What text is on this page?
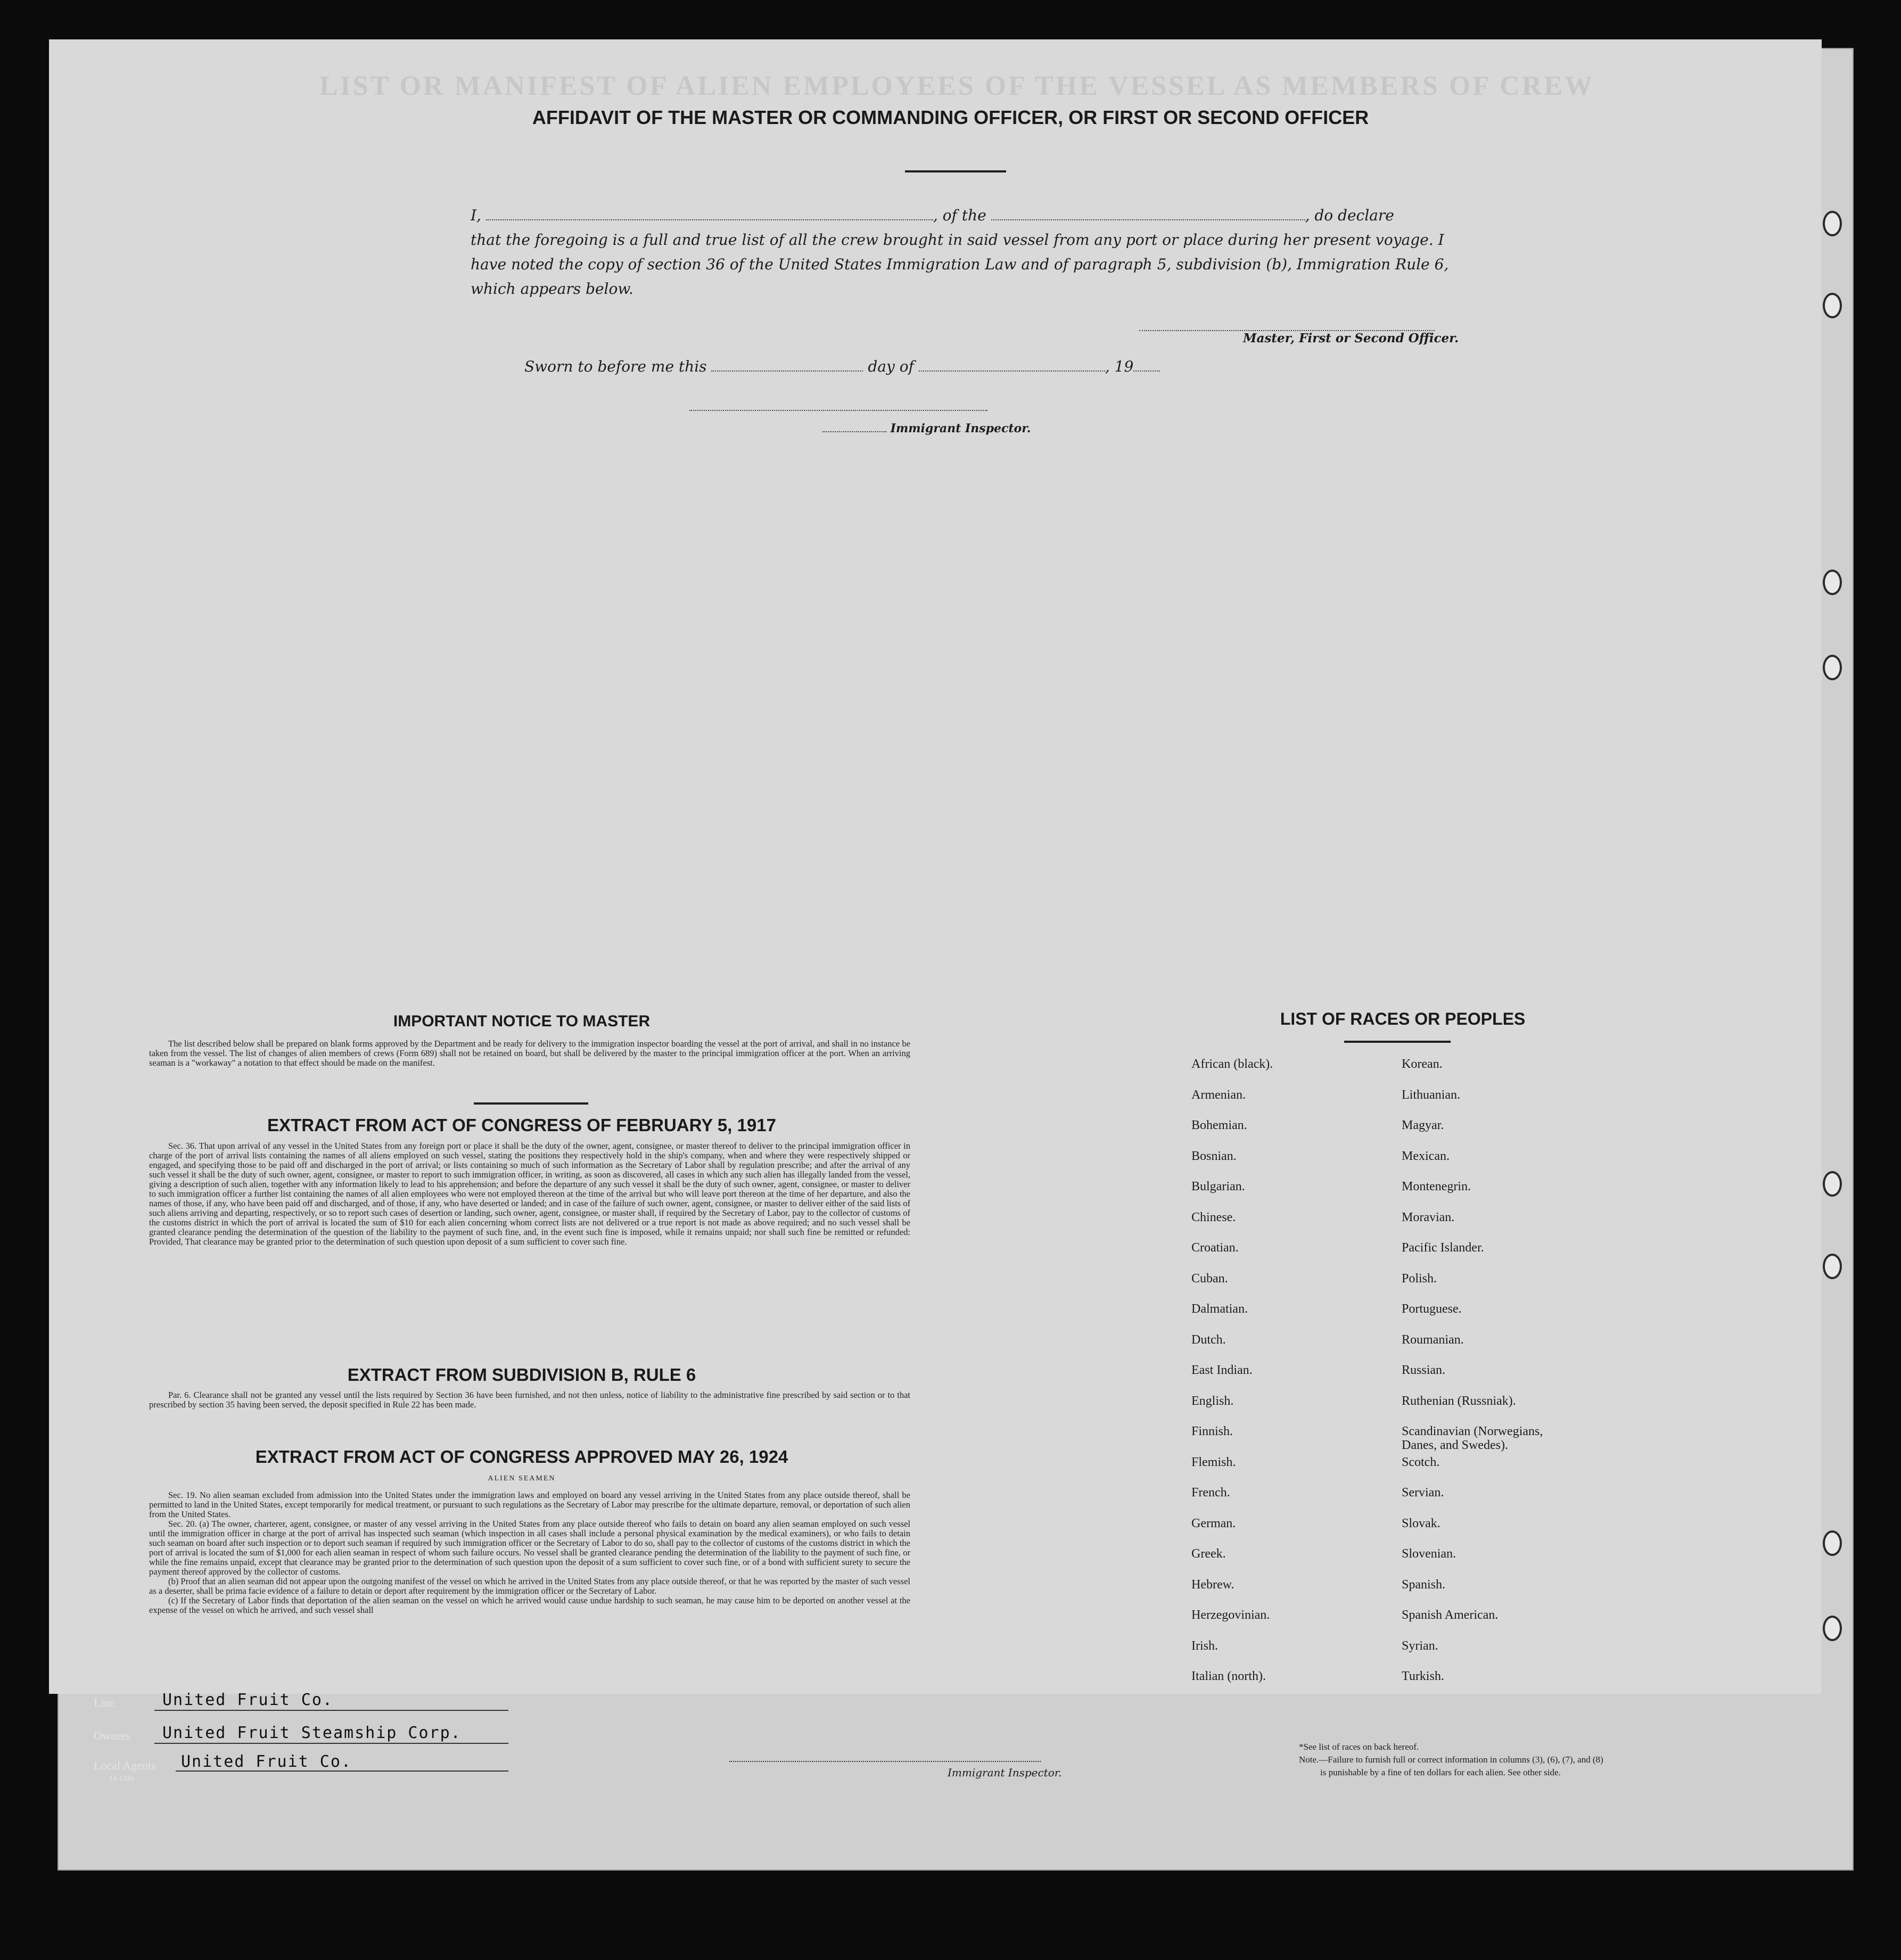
LIST OR MANIFEST OF ALIEN EMPLOYEES OF THE VESSEL AS MEMBERS OF CREW
AFFIDAVIT OF THE MASTER OR COMMANDING OFFICER, OR FIRST OR SECOND OFFICER
I,	, of the	, do declare
that the foregoing is a full and true list of all the crew brought in said vessel from any port or place during her present voyage. I have noted the copy of section 36 of the United States Immigration Law and of paragraph 5, subdivision (b), Immigration Rule 6, which appears below.
Master, First or Second Officer.
Sworn to before me this	day of	, 19
Immigrant Inspector.
IMPORTANT NOTICE TO MASTER

The list described below shall be prepared on blank forms approved by the Department and be ready for delivery to the immigration inspector boarding the vessel at the port of arrival, and shall in no instance be taken from the vessel. The list of changes of alien members of crews (Form 689) shall not be retained on board, but shall be delivered by the master to the principal immigration officer at the port. When an arriving seaman is a "workaway" a notation to that effect should be made on the manifest.

EXTRACT FROM ACT OF CONGRESS OF FEBRUARY 5, 1917

Sec. 36. That upon arrival of any vessel in the United States from any foreign port or place it shall be the duty of the owner, agent, consignee, or master thereof to deliver to the principal immigration officer in charge of the port of arrival lists containing the names of all aliens employed on such vessel, stating the positions they respectively hold in the ship's company, when and where they were respectively shipped or engaged, and specifying those to be paid off and discharged in the port of arrival; or lists containing so much of such information as the Secretary of Labor shall by regulation prescribe; and after the arrival of any such vessel it shall be the duty of such owner, agent, consignee, or master to report to such immigration officer, in writing, as soon as discovered, all cases in which any such alien has illegally landed from the vessel, giving a description of such alien, together with any information likely to lead to his apprehension; and before the departure of any such vessel it shall be the duty of such owner, agent, consignee, or master to deliver to such immigration officer a further list containing the names of all alien employees who were not employed thereon at the time of the arrival but who will leave port thereon at the time of her departure, and also the names of those, if any, who have been paid off and discharged, and of those, if any, who have deserted or landed; and in case of the failure of such owner, agent, consignee, or master to deliver either of the said lists of such aliens arriving and departing, respectively, or so to report such cases of desertion or landing, such owner, agent, consignee, or master shall, if required by the Secretary of Labor, pay to the collector of customs of the customs district in which the port of arrival is located the sum of $10 for each alien concerning whom correct lists are not delivered or a true report is not made as above required; and no such vessel shall be granted clearance pending the determination of the question of the liability to the payment of such fine, and, in the event such fine is imposed, while it remains unpaid; nor shall such fine be remitted or refunded: Provided, That clearance may be granted prior to the determination of such question upon deposit of a sum sufficient to cover such fine.

EXTRACT FROM SUBDIVISION B, RULE 6

Par. 6. Clearance shall not be granted any vessel until the lists required by Section 36 have been furnished, and not then unless, notice of liability to the administrative fine prescribed by said section or to that prescribed by section 35 having been served, the deposit specified in Rule 22 has been made.

EXTRACT FROM ACT OF CONGRESS APPROVED MAY 26, 1924
ALIEN SEAMEN

Sec. 19. No alien seaman excluded from admission into the United States under the immigration laws and employed on board any vessel arriving in the United States from any place outside thereof, shall be permitted to land in the United States, except temporarily for medical treatment, or pursuant to such regulations as the Secretary of Labor may prescribe for the ultimate departure, removal, or deportation of such alien from the United States.

Sec. 20. (a) The owner, charterer, agent, consignee, or master of any vessel arriving in the United States from any place outside thereof who fails to detain on board any alien seaman employed on such vessel until the immigration officer in charge at the port of arrival has inspected such seaman (which inspection in all cases shall include a personal physical examination by the medical examiners), or who fails to detain such seaman on board after such inspection or to deport such seaman if required by such immigration officer or the Secretary of Labor to do so, shall pay to the collector of customs of the customs district in which the port of arrival is located the sum of $1,000 for each alien seaman in respect of whom such failure occurs. No vessel shall be granted clearance pending the determination of the liability to the payment of such fine, or while the fine remains unpaid, except that clearance may be granted prior to the determination of such question upon the deposit of a sum sufficient to cover such fine, or of a bond with sufficient surety to secure the payment thereof approved by the collector of customs.

(b) Proof that an alien seaman did not appear upon the outgoing manifest of the vessel on which he arrived in the United States from any place outside thereof, or that he was reported by the master of such vessel as a deserter, shall be prima facie evidence of a failure to detain or deport after requirement by the immigration officer or the Secretary of Labor.

(c) If the Secretary of Labor finds that deportation of the alien seaman on the vessel on which he arrived would cause undue hardship to such seaman, he may cause him to be deported on another vessel at the expense of the vessel on which he arrived, and such vessel shall

LIST OF RACES OR PEOPLES
African (black).	Korean.
Armenian.	Lithuanian.
Bohemian.	Magyar.
Bosnian.	Mexican.
Bulgarian.	Montenegrin.
Chinese.	Moravian.
Croatian.	Pacific Islander.
Cuban.	Polish.
Dalmatian.	Portuguese.
Dutch.	Roumanian.
East Indian.	Russian.
English.	Ruthenian (Russniak).
Finnish.	Scandinavian (Norwegians, Danes, and Swedes).
Flemish.	Scotch.
French.	Servian.
German.	Slovak.
Greek.	Slovenian.
Hebrew.	Spanish.
Herzegovinian.	Spanish American.
Irish.	Syrian.
Italian (north).	Turkish.
Line	United Fruit Co.
Owners United Fruit Steamship Corp.
Local Agents United Fruit Co.
14-1340	Immigrant Inspector.
*See list of races on back hereof.
Note.—Failure to furnish full or correct information in columns (3), (6), (7), and (8)
is punishable by a fine of ten dollars for each alien. See other side.
